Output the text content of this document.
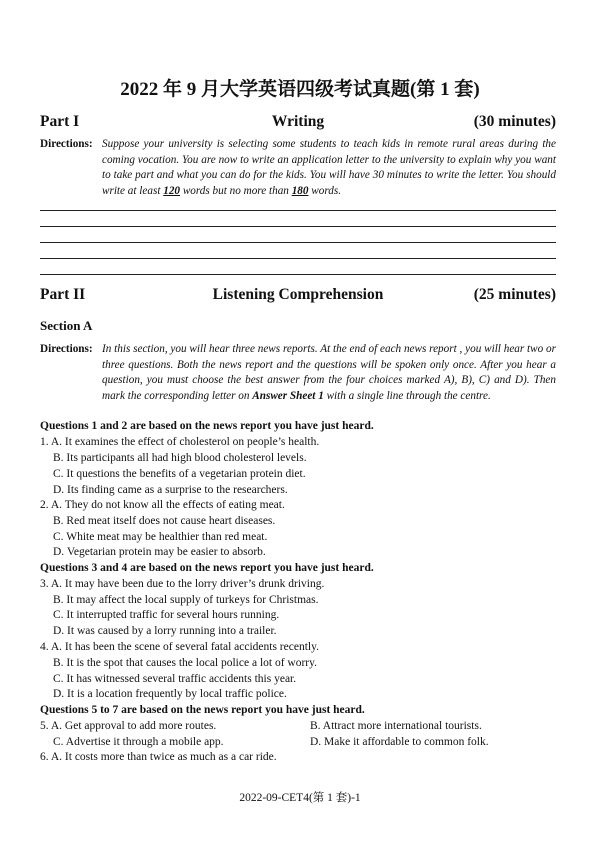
2022 年 9 月大学英语四级考试真题(第 1 套)
Part I	Writing	(30 minutes)
Directions: Suppose your university is selecting some students to teach kids in remote rural areas during the coming vocation. You are now to write an application letter to the university to explain why you want to take part and what you can do for the kids. You will have 30 minutes to write the letter. You should write at least 120 words but no more than 180 words.
Part II	Listening Comprehension	(25 minutes)
Section A
Directions: In this section, you will hear three news reports. At the end of each news report , you will hear two or three questions. Both the news report and the questions will be spoken only once. After you hear a question, you must choose the best answer from the four choices marked A), B), C) and D). Then mark the corresponding letter on Answer Sheet 1 with a single line through the centre.
Questions 1 and 2 are based on the news report you have just heard.
1. A. It examines the effect of cholesterol on people’s health.
B. Its participants all had high blood cholesterol levels.
C. It questions the benefits of a vegetarian protein diet.
D. Its finding came as a surprise to the researchers.
2. A. They do not know all the effects of eating meat.
B. Red meat itself does not cause heart diseases.
C. White meat may be healthier than red meat.
D. Vegetarian protein may be easier to absorb.
Questions 3 and 4 are based on the news report you have just heard.
3. A. It may have been due to the lorry driver’s drunk driving.
B. It may affect the local supply of turkeys for Christmas.
C. It interrupted traffic for several hours running.
D. It was caused by a lorry running into a trailer.
4. A. It has been the scene of several fatal accidents recently.
B. It is the spot that causes the local police a lot of worry.
C. It has witnessed several traffic accidents this year.
D. It is a location frequently by local traffic police.
Questions 5 to 7 are based on the news report you have just heard.
5. A. Get approval to add more routes.	B. Attract more international tourists.
C. Advertise it through a mobile app.	D. Make it affordable to common folk.
6. A. It costs more than twice as much as a car ride.
2022-09-CET4(第 1 套)-1
